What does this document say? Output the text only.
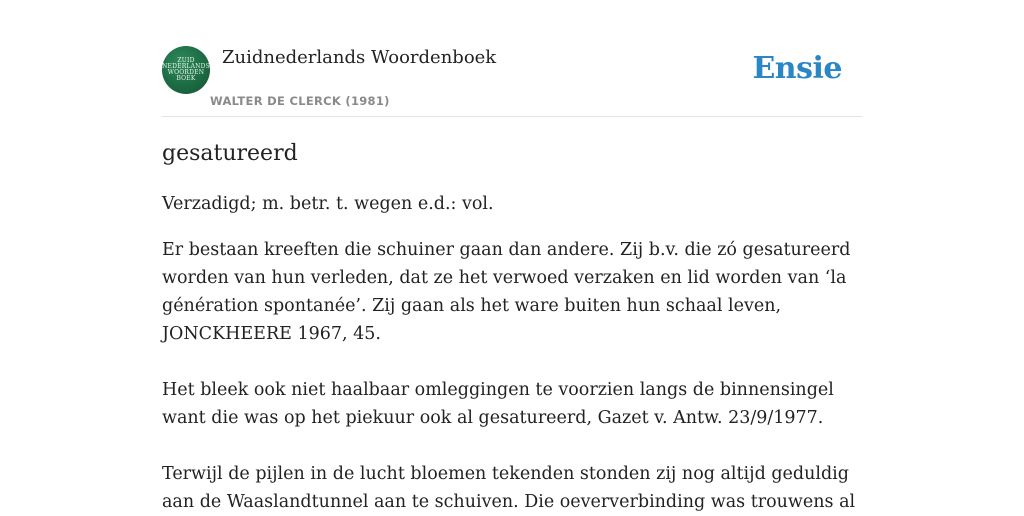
ZUID
NEDERLANDS
WOORDEN
BOEK
Zuidnederlands Woordenboek
WALTER DE CLERCK (1981)
Ensie
gesatureerd

Verzadigd; m. betr. t. wegen e.d.: vol.

Er bestaan kreeften die schuiner gaan dan andere. Zij b.v. die zó gesatureerd worden van hun verleden, dat ze het verwoed verzaken en lid worden van ‘la génération spontanée’. Zij gaan als het ware buiten hun schaal leven, JONCKHEERE 1967, 45.

Het bleek ook niet haalbaar omleggingen te voorzien langs de binnensingel want die was op het piekuur ook al gesatureerd, Gazet v. Antw. 23/9/1977.

Terwijl de pijlen in de lucht bloemen tekenden stonden zij nog altijd geduldig aan de Waaslandtunnel aan te schuiven. Die oeververbinding was trouwens al
